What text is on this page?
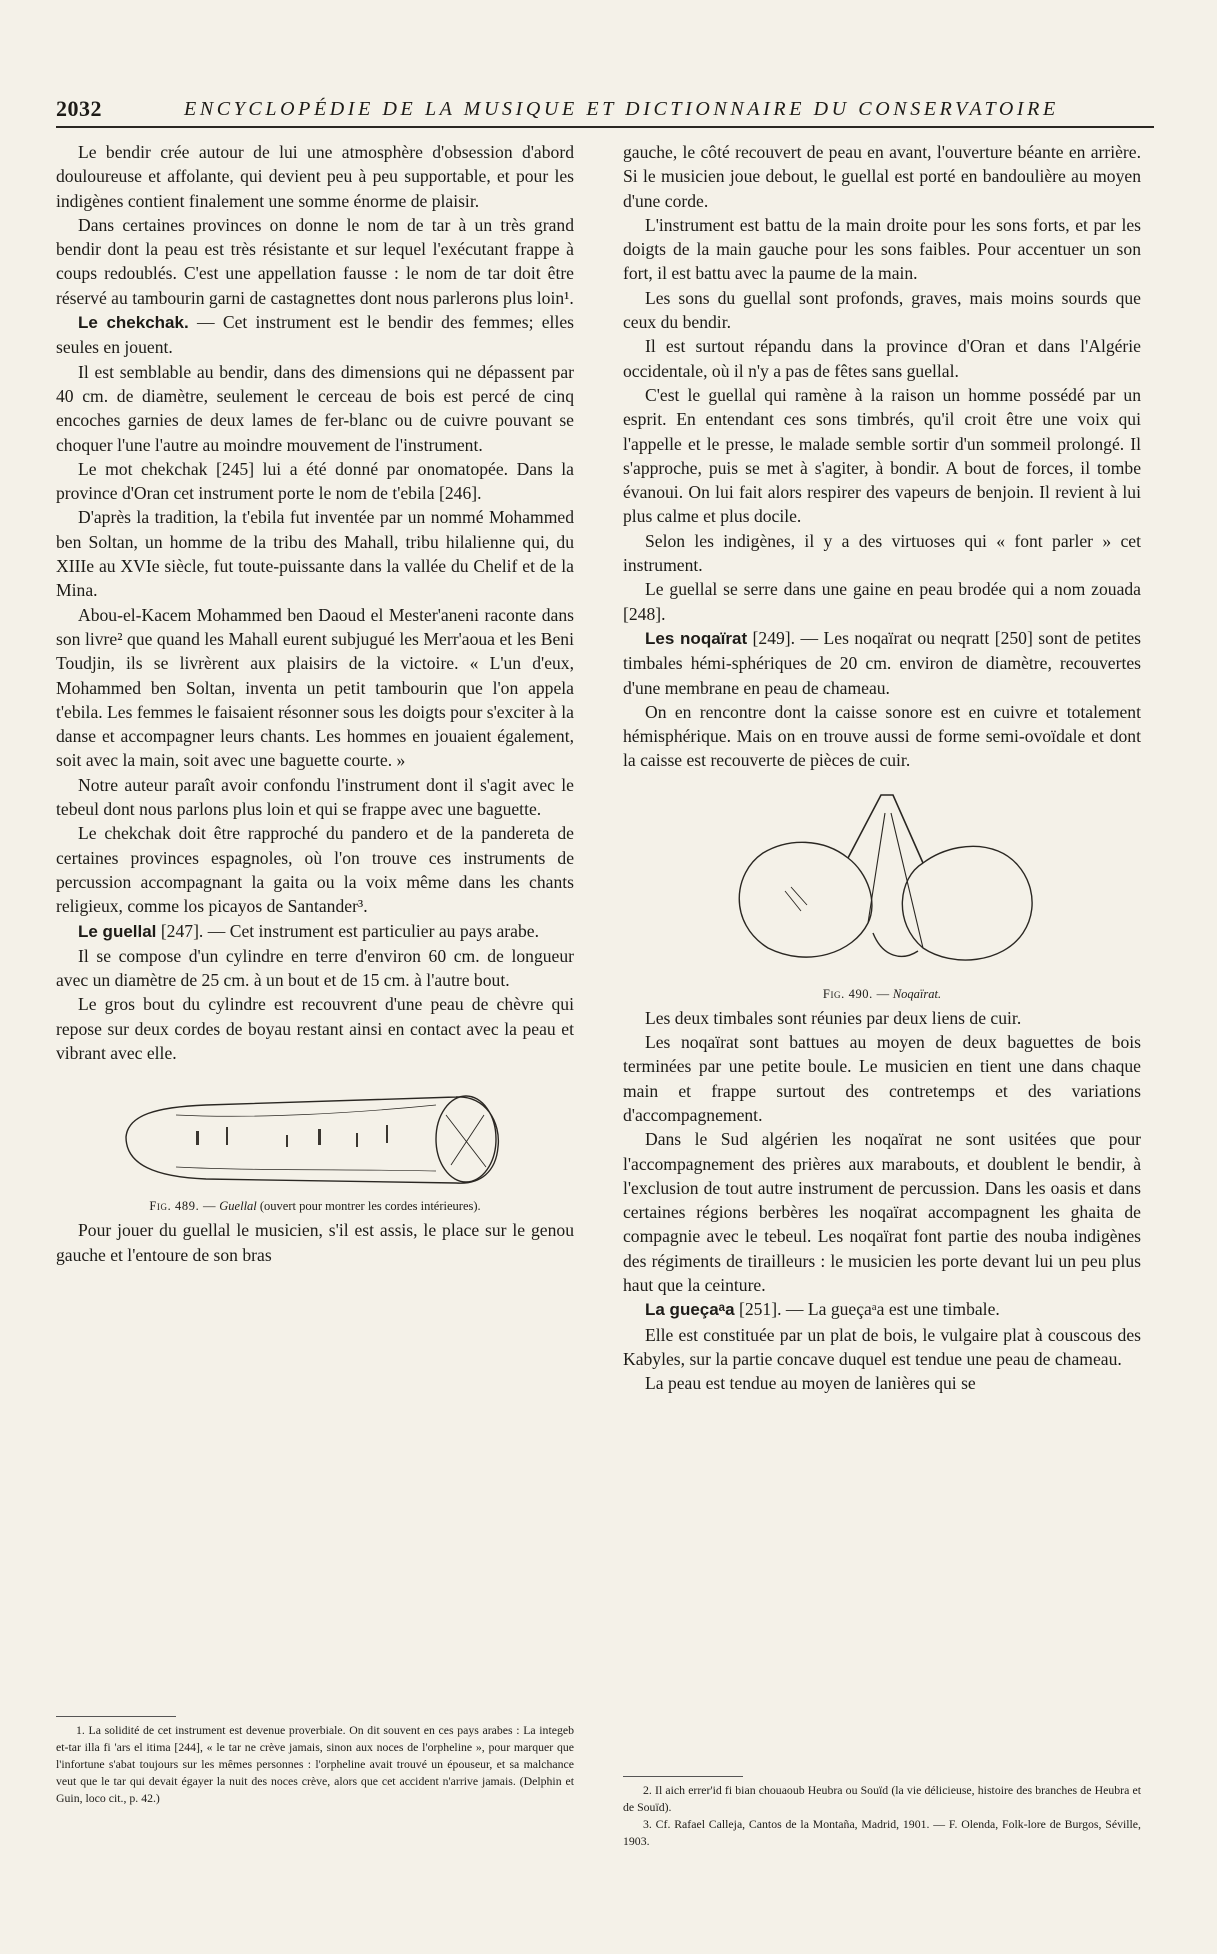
2032	ENCYCLOPÉDIE DE LA MUSIQUE ET DICTIONNAIRE DU CONSERVATOIRE

Le bendir crée autour de lui une atmosphère d'obsession d'abord douloureuse et affolante, qui devient peu à peu supportable, et pour les indigènes contient finalement une somme énorme de plaisir.

Dans certaines provinces on donne le nom de tar à un très grand bendir dont la peau est très résistante et sur lequel l'exécutant frappe à coups redoublés. C'est une appellation fausse : le nom de tar doit être réservé au tambourin garni de castagnettes dont nous parlerons plus loin¹.

Le chekchak. — Cet instrument est le bendir des femmes; elles seules en jouent.

Il est semblable au bendir, dans des dimensions qui ne dépassent par 40 cm. de diamètre, seulement le cerceau de bois est percé de cinq encoches garnies de deux lames de fer-blanc ou de cuivre pouvant se choquer l'une l'autre au moindre mouvement de l'instrument.

Le mot chekchak [245] lui a été donné par onomatopée. Dans la province d'Oran cet instrument porte le nom de t'ebila [246].

D'après la tradition, la t'ebila fut inventée par un nommé Mohammed ben Soltan, un homme de la tribu des Mahall, tribu hilalienne qui, du XIIIe au XVIe siècle, fut toute-puissante dans la vallée du Chelif et de la Mina.

Abou-el-Kacem Mohammed ben Daoud el Mester'aneni raconte dans son livre² que quand les Mahall eurent subjugué les Merr'aoua et les Beni Toudjin, ils se livrèrent aux plaisirs de la victoire. « L'un d'eux, Mohammed ben Soltan, inventa un petit tambourin que l'on appela t'ebila. Les femmes le faisaient résonner sous les doigts pour s'exciter à la danse et accompagner leurs chants. Les hommes en jouaient également, soit avec la main, soit avec une baguette courte. »

Notre auteur paraît avoir confondu l'instrument dont il s'agit avec le tebeul dont nous parlons plus loin et qui se frappe avec une baguette.

Le chekchak doit être rapproché du pandero et de la pandereta de certaines provinces espagnoles, où l'on trouve ces instruments de percussion accompagnant la gaita ou la voix même dans les chants religieux, comme los picayos de Santander³.

Le guellal [247]. — Cet instrument est particulier au pays arabe.

Il se compose d'un cylindre en terre d'environ 60 cm. de longueur avec un diamètre de 25 cm. à un bout et de 15 cm. à l'autre bout.

Le gros bout du cylindre est recouvrent d'une peau de chèvre qui repose sur deux cordes de boyau restant ainsi en contact avec la peau et vibrant avec elle.

Fig. 489. — Guellal (ouvert pour montrer les cordes intérieures).

Pour jouer du guellal le musicien, s'il est assis, le place sur le genou gauche et l'entoure de son bras

1. La solidité de cet instrument est devenue proverbiale. On dit souvent en ces pays arabes : La integeb et-tar illa fi 'ars el itima [244], « le tar ne crève jamais, sinon aux noces de l'orpheline », pour marquer que l'infortune s'abat toujours sur les mêmes personnes : l'orpheline avait trouvé un épouseur, et sa malchance veut que le tar qui devait égayer la nuit des noces crève, alors que cet accident n'arrive jamais. (Delphin et Guin, loco cit., p. 42.)

gauche, le côté recouvert de peau en avant, l'ouverture béante en arrière. Si le musicien joue debout, le guellal est porté en bandoulière au moyen d'une corde.

L'instrument est battu de la main droite pour les sons forts, et par les doigts de la main gauche pour les sons faibles. Pour accentuer un son fort, il est battu avec la paume de la main.

Les sons du guellal sont profonds, graves, mais moins sourds que ceux du bendir.

Il est surtout répandu dans la province d'Oran et dans l'Algérie occidentale, où il n'y a pas de fêtes sans guellal.

C'est le guellal qui ramène à la raison un homme possédé par un esprit. En entendant ces sons timbrés, qu'il croit être une voix qui l'appelle et le presse, le malade semble sortir d'un sommeil prolongé. Il s'approche, puis se met à s'agiter, à bondir. A bout de forces, il tombe évanoui. On lui fait alors respirer des vapeurs de benjoin. Il revient à lui plus calme et plus docile.

Selon les indigènes, il y a des virtuoses qui « font parler » cet instrument.

Le guellal se serre dans une gaine en peau brodée qui a nom zouada [248].

Les noqaïrat [249]. — Les noqaïrat ou neqratt [250] sont de petites timbales hémi-sphériques de 20 cm. environ de diamètre, recouvertes d'une membrane en peau de chameau.

On en rencontre dont la caisse sonore est en cuivre et totalement hémisphérique. Mais on en trouve aussi de forme semi-ovoïdale et dont la caisse est recouverte de pièces de cuir.

Fig. 490. — Noqaïrat.

Les deux timbales sont réunies par deux liens de cuir.

Les noqaïrat sont battues au moyen de deux baguettes de bois terminées par une petite boule. Le musicien en tient une dans chaque main et frappe surtout des contretemps et des variations d'accompagnement.

Dans le Sud algérien les noqaïrat ne sont usitées que pour l'accompagnement des prières aux marabouts, et doublent le bendir, à l'exclusion de tout autre instrument de percussion. Dans les oasis et dans certaines régions berbères les noqaïrat accompagnent les ghaita de compagnie avec le tebeul. Les noqaïrat font partie des nouba indigènes des régiments de tirailleurs : le musicien les porte devant lui un peu plus haut que la ceinture.

La gueçaᵃa [251]. — La gueçaᵃa est une timbale.

Elle est constituée par un plat de bois, le vulgaire plat à couscous des Kabyles, sur la partie concave duquel est tendue une peau de chameau.

La peau est tendue au moyen de lanières qui se

2. Il aich errer'id fi bian chouaoub Heubra ou Souïd (la vie délicieuse, histoire des branches de Heubra et de Souïd).

3. Cf. Rafael Calleja, Cantos de la Montaña, Madrid, 1901. — F. Olenda, Folk-lore de Burgos, Séville, 1903.
